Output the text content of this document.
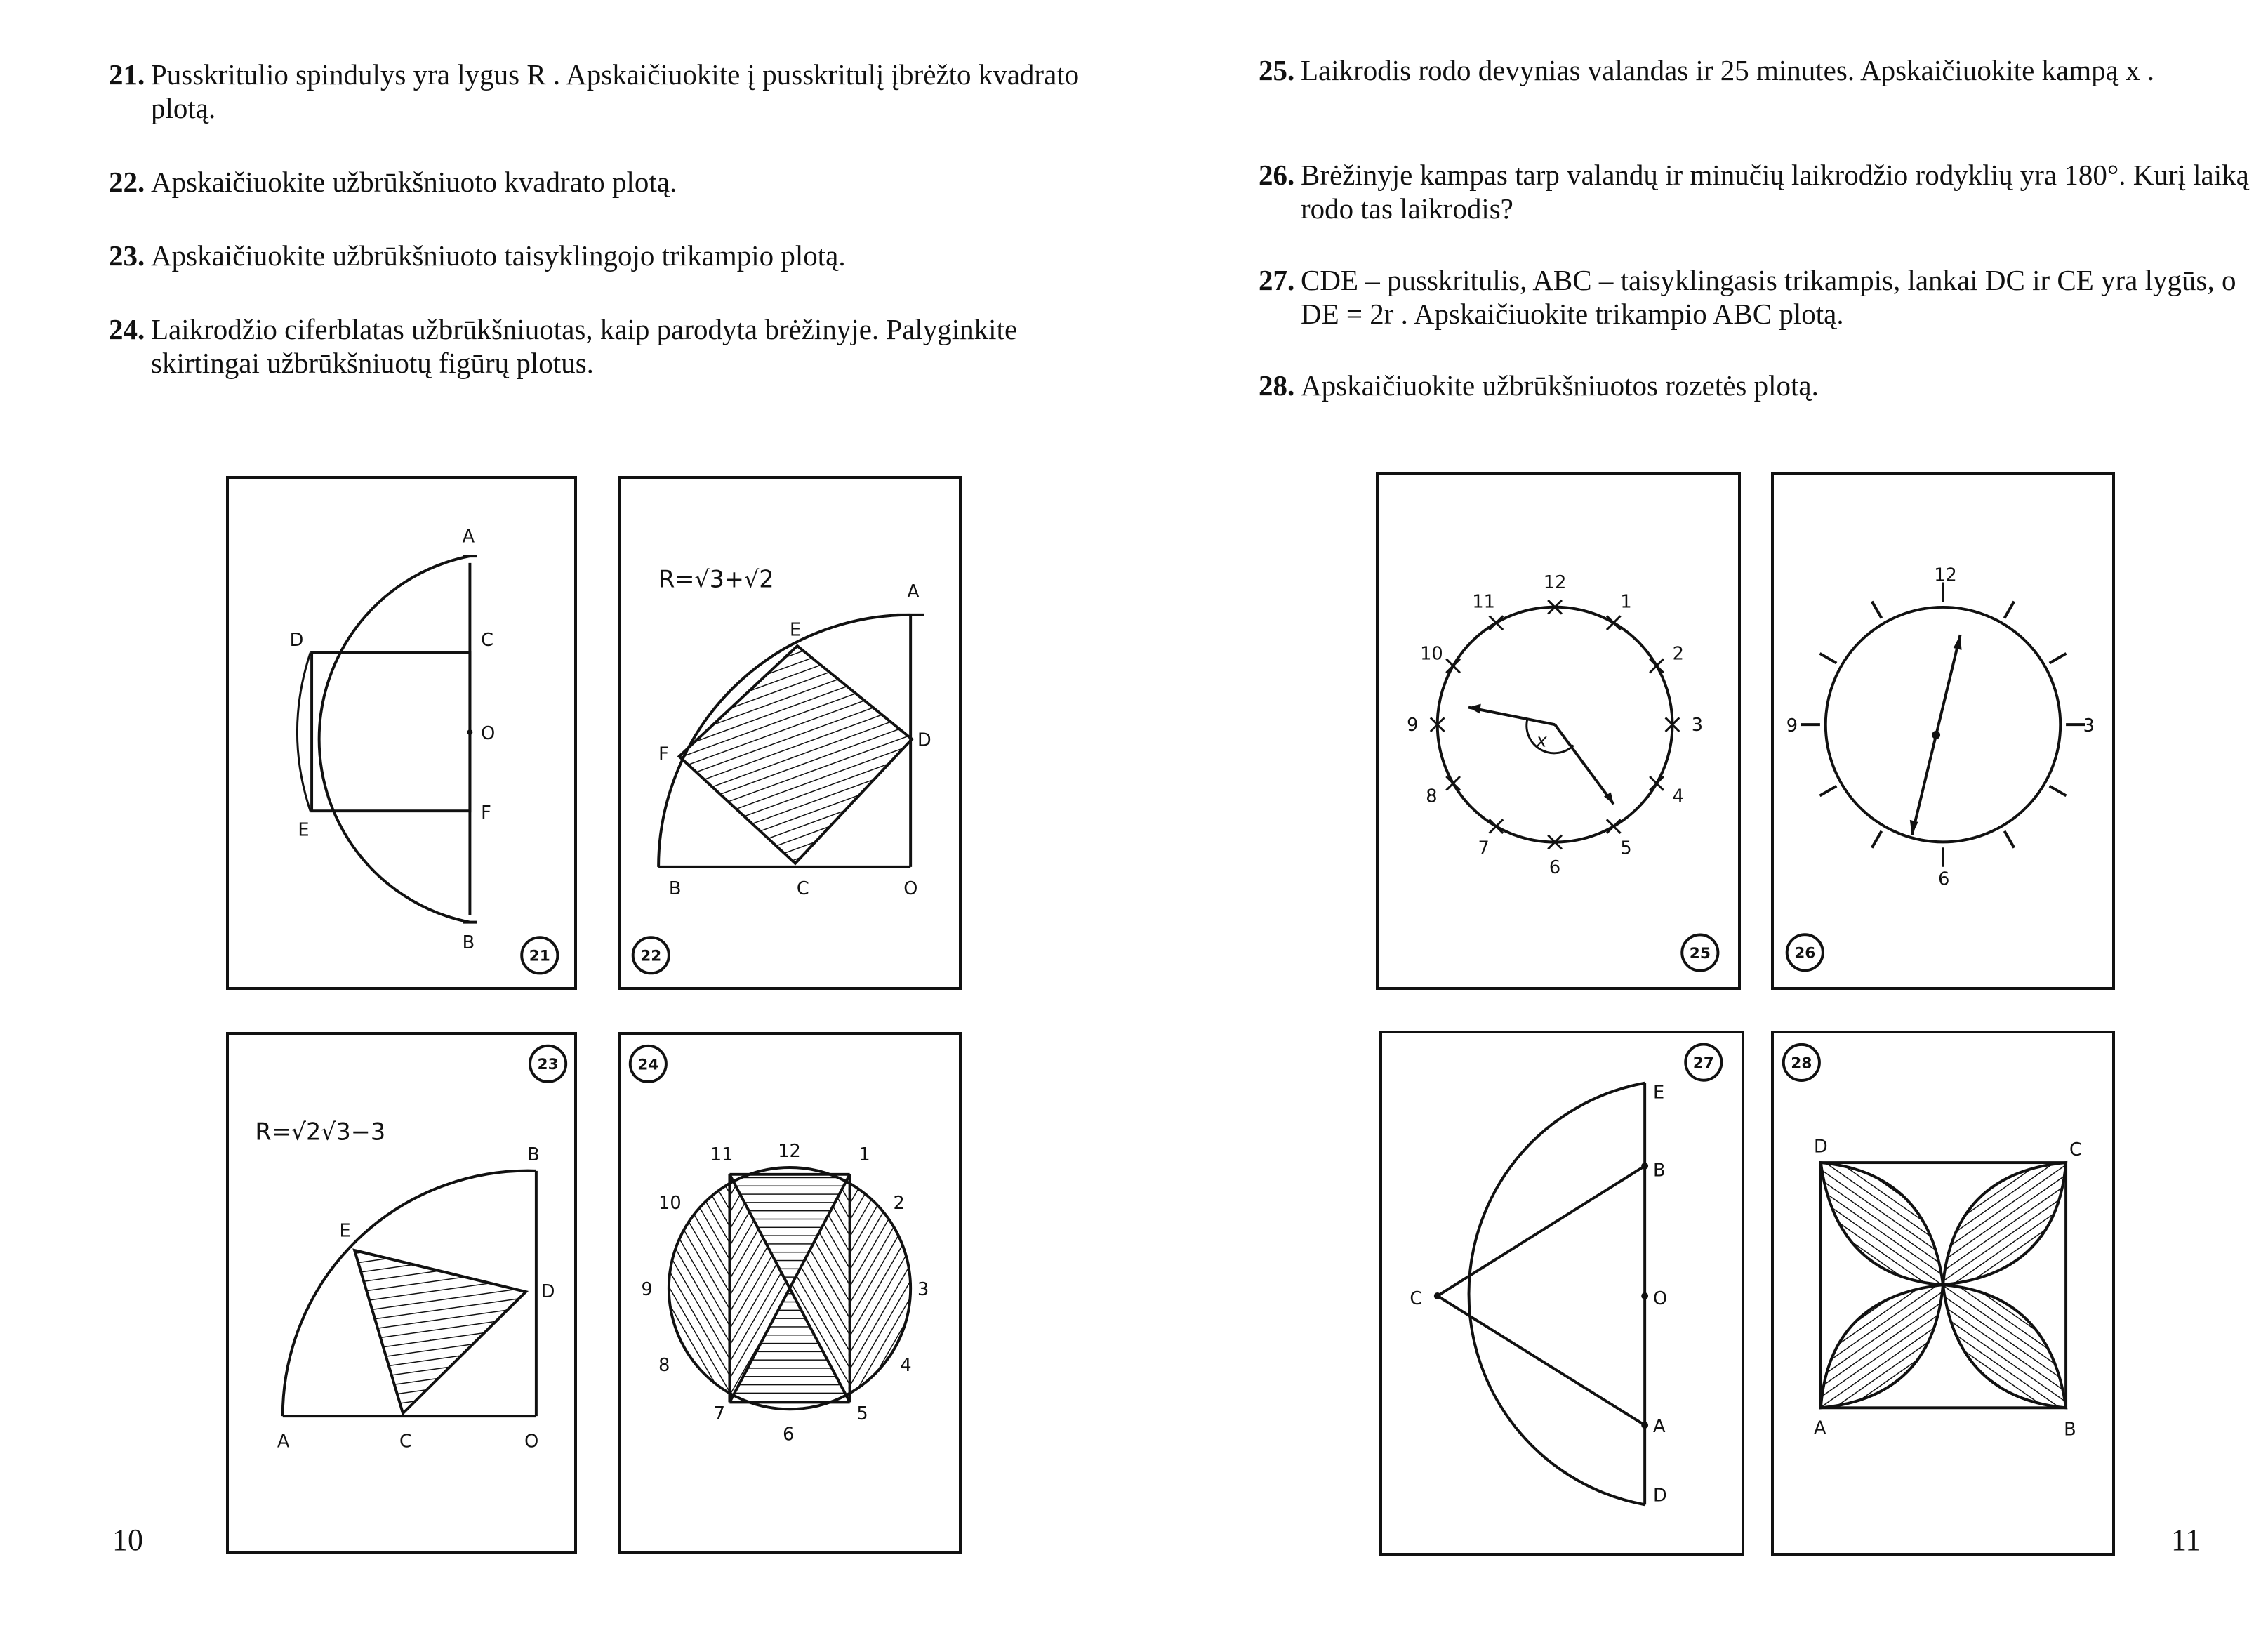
21. Pusskritulio spindulys yra lygus R . Apskaičiuokite į pusskritulį įbrėžto kvadrato plotą.
22. Apskaičiuokite užbrūkšniuoto kvadrato plotą.
23. Apskaičiuokite užbrūkšniuoto taisyklingojo trikampio plotą.
24. Laikrodžio ciferblatas užbrūkšniuotas, kaip parodyta brėžinyje. Palyginkite skirtingai užbrūkšniuotų figūrų plotus.
A
C
O
F
B
D
E
21
R=√3+√2	A
E
D
F
B	C	O
22
R=√2√3−3
B
E
D
A	C	O
23
12	1
2
3
4
5
6
7
8
9
10
11
24
10
25. Laikrodis rodo devynias valandas ir 25 minutes. Apskaičiuokite kampą x .
26. Brėžinyje kampas tarp valandų ir minučių laikrodžio rodyklių yra 180°. Kurį laiką rodo tas laikrodis?
27. CDE – pusskritulis, ABC – taisyklingasis trikampis, lankai DC ir CE yra lygūs, o DE = 2r . Apskaičiuokite trikampio ABC plotą.
28. Apskaičiuokite užbrūkšniuotos rozetės plotą.
12
1
2
3
4
5
6
7
8
9
10
11
x
25
12
3
6
9
26
E
B
O
A
D
C
27
D	C
A	B
28
11
